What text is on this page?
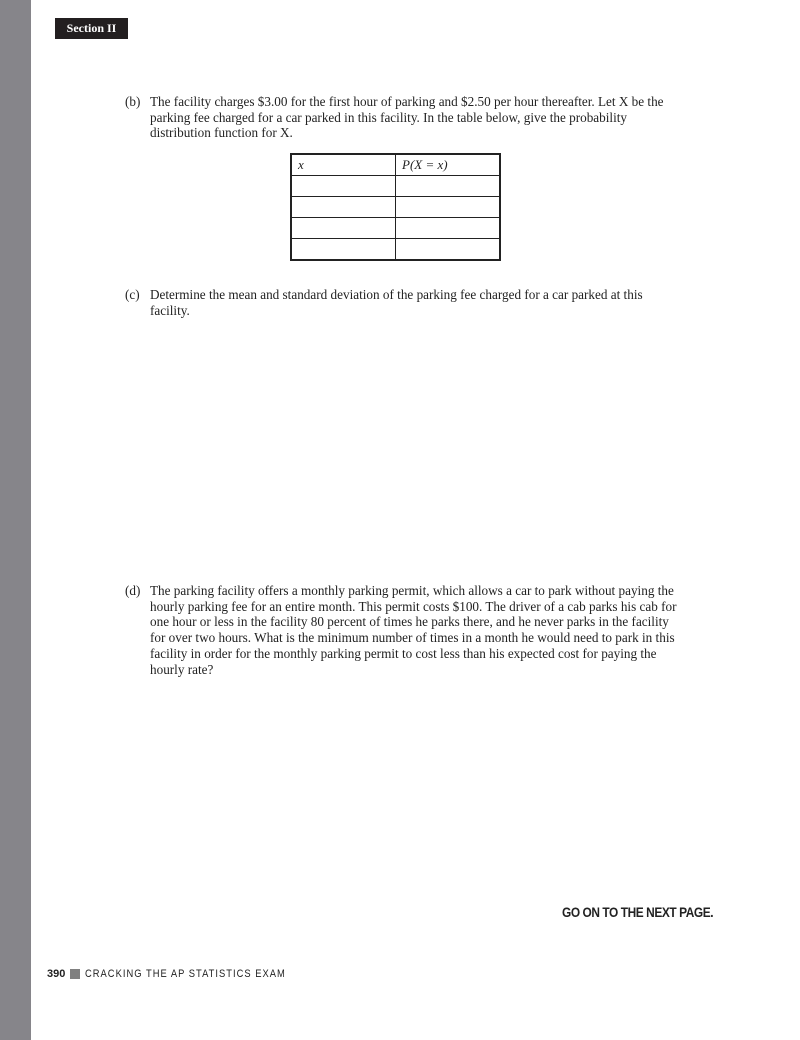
Section II
(b) The facility charges $3.00 for the first hour of parking and $2.50 per hour thereafter. Let X be the parking fee charged for a car parked in this facility. In the table below, give the probability distribution function for X.
x	P(X = x)

(c) Determine the mean and standard deviation of the parking fee charged for a car parked at this facility.
(d) The parking facility offers a monthly parking permit, which allows a car to park without paying the hourly parking fee for an entire month. This permit costs $100. The driver of a cab parks his cab for one hour or less in the facility 80 percent of times he parks there, and he never parks in the facility for over two hours. What is the minimum number of times in a month he would need to park in this facility in order for the monthly parking permit to cost less than his expected cost for paying the hourly rate?
GO ON TO THE NEXT PAGE.
390 CRACKING THE AP STATISTICS EXAM
